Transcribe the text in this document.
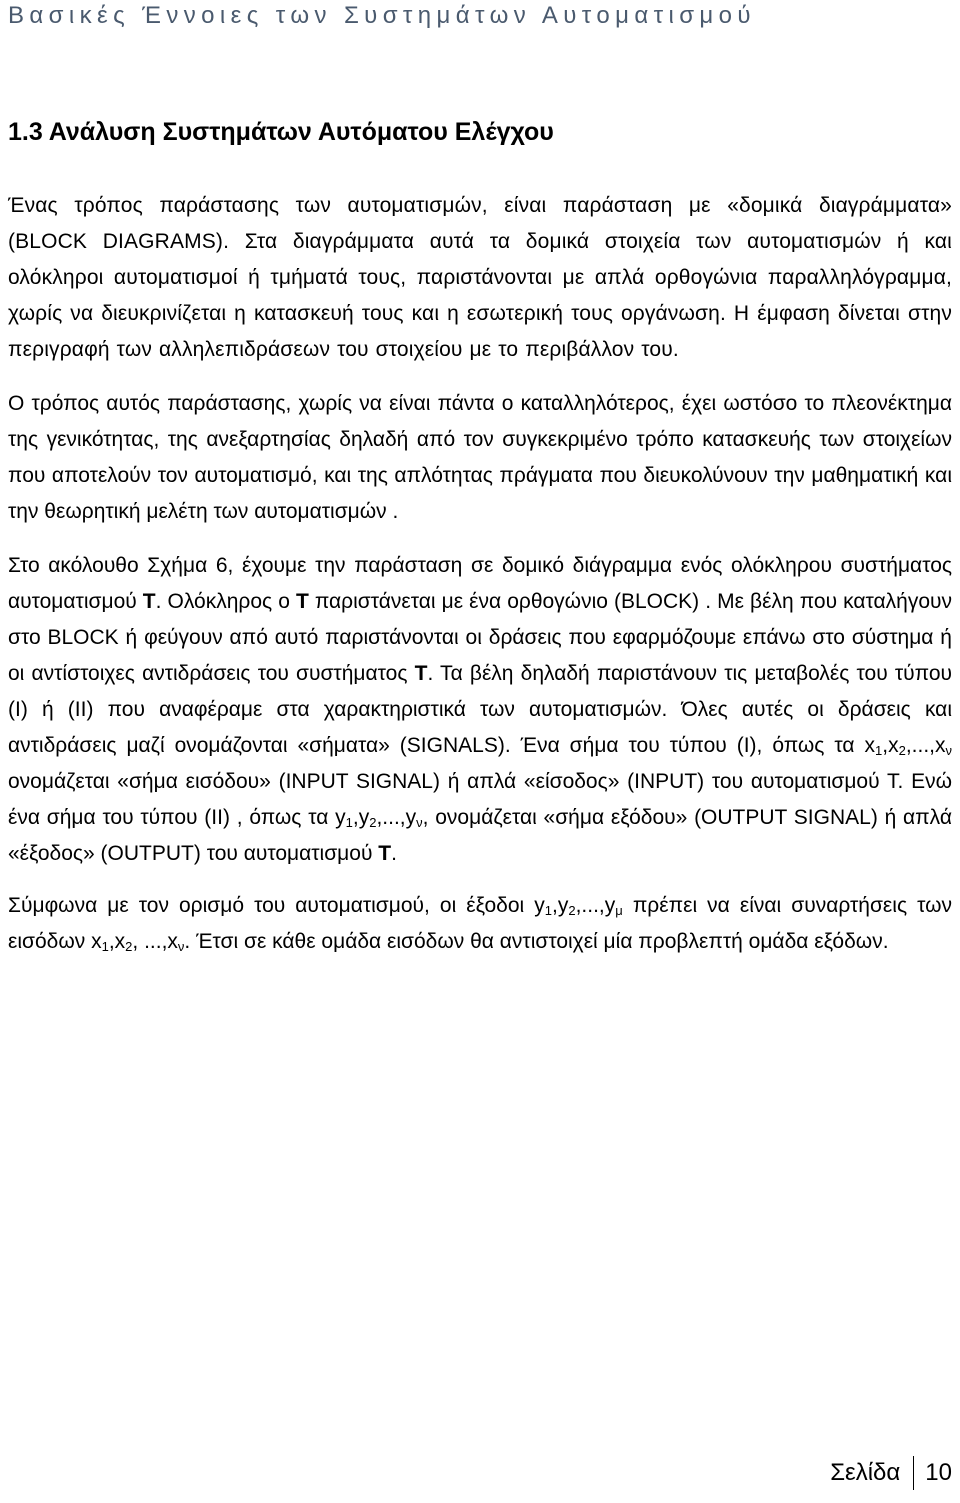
Βασικές Έννοιες των Συστημάτων Αυτοματισμού
1.3 Ανάλυση Συστημάτων Αυτόματου Ελέγχου

Ένας τρόπος παράστασης των αυτοματισμών, είναι παράσταση με «δομικά διαγράμματα» (BLOCK DIAGRAMS). Στα διαγράμματα αυτά τα δομικά στοιχεία των αυτοματισμών ή και ολόκληροι αυτοματισμοί ή τμήματά τους, παριστάνονται με απλά ορθογώνια παραλληλόγραμμα, χωρίς να διευκρινίζεται η κατασκευή τους και η εσωτερική τους οργάνωση. Η έμφαση δίνεται στην περιγραφή των αλληλεπιδράσεων του στοιχείου με το περιβάλλον του.

Ο τρόπος αυτός παράστασης, χωρίς να είναι πάντα ο καταλληλότερος, έχει ωστόσο το πλεονέκτημα της γενικότητας, της ανεξαρτησίας δηλαδή από τον συγκεκριμένο τρόπο κατασκευής των στοιχείων που αποτελούν τον αυτοματισμό, και της απλότητας πράγματα που διευκολύνουν την μαθηματική και την θεωρητική μελέτη των αυτοματισμών .

Στο ακόλουθο Σχήμα 6, έχουμε την παράσταση σε δομικό διάγραμμα ενός ολόκληρου συστήματος αυτοματισμού Τ. Ολόκληρος ο Τ παριστάνεται με ένα ορθογώνιο (BLOCK) . Με βέλη που καταλήγουν στο BLOCK ή φεύγουν από αυτό παριστάνονται οι δράσεις που εφαρμόζουμε επάνω στο σύστημα ή οι αντίστοιχες αντιδράσεις του συστήματος Τ. Τα βέλη δηλαδή παριστάνουν τις μεταβολές του τύπου (Ι) ή (ΙΙ) που αναφέραμε στα χαρακτηριστικά των αυτοματισμών. Όλες αυτές οι δράσεις και αντιδράσεις μαζί ονομάζονται «σήματα» (SIGNALS). Ένα σήμα του τύπου (Ι), όπως τα $x_1,x_2,...,x_\nu$ ονομάζεται «σήμα εισόδου» (INPUT SIGNAL) ή απλά «είσοδος» (INPUT) του αυτοματισμού Τ. Ενώ ένα σήμα του τύπου (ΙΙ) , όπως τα $y_1,y_2,...,y_\nu$, ονομάζεται «σήμα εξόδου» (OUTPUT SIGNAL) ή απλά «έξοδος» (OUTPUT) του αυτοματισμού Τ.

Σύμφωνα με τον ορισμό του αυτοματισμού, οι έξοδοι $y_1,y_2,...,y_\mu$ πρέπει να είναι συναρτήσεις των εισόδων $x_1,x_2$, $...,x_\nu$. Έτσι σε κάθε ομάδα εισόδων θα αντιστοιχεί μία προβλεπτή ομάδα εξόδων.

Σελίδα 10
